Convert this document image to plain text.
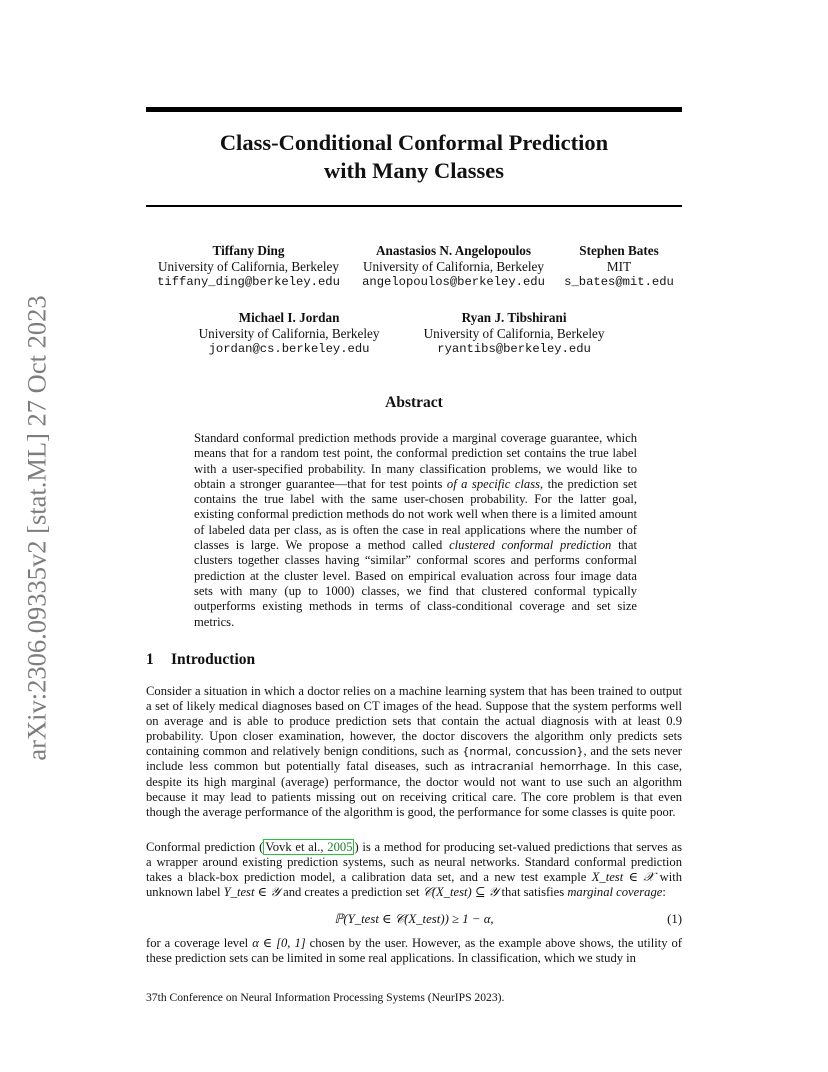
arXiv:2306.09335v2 [stat.ML] 27 Oct 2023
Class-Conditional Conformal Prediction
with Many Classes
Tiffany Ding
University of California, Berkeley
tiffany_ding@berkeley.edu
Anastasios N. Angelopoulos
University of California, Berkeley
angelopoulos@berkeley.edu
Stephen Bates
MIT
s_bates@mit.edu
Michael I. Jordan
University of California, Berkeley
jordan@cs.berkeley.edu
Ryan J. Tibshirani
University of California, Berkeley
ryantibs@berkeley.edu
Abstract
Standard conformal prediction methods provide a marginal coverage guarantee, which means that for a random test point, the conformal prediction set contains the true label with a user-specified probability. In many classification problems, we would like to obtain a stronger guarantee—that for test points of a specific class, the prediction set contains the true label with the same user-chosen probability. For the latter goal, existing conformal prediction methods do not work well when there is a limited amount of labeled data per class, as is often the case in real applications where the number of classes is large. We propose a method called clustered conformal prediction that clusters together classes having “similar” conformal scores and performs conformal prediction at the cluster level. Based on empirical evaluation across four image data sets with many (up to 1000) classes, we find that clustered conformal typically outperforms existing methods in terms of class-conditional coverage and set size metrics.
1 Introduction
Consider a situation in which a doctor relies on a machine learning system that has been trained to output a set of likely medical diagnoses based on CT images of the head. Suppose that the system performs well on average and is able to produce prediction sets that contain the actual diagnosis with at least 0.9 probability. Upon closer examination, however, the doctor discovers the algorithm only predicts sets containing common and relatively benign conditions, such as {normal, concussion}, and the sets never include less common but potentially fatal diseases, such as intracranial hemorrhage. In this case, despite its high marginal (average) performance, the doctor would not want to use such an algorithm because it may lead to patients missing out on receiving critical care. The core problem is that even though the average performance of the algorithm is good, the performance for some classes is quite poor.
Conformal prediction ( Vovk et al., 2005 ) is a method for producing set-valued predictions that serves as a wrapper around existing prediction systems, such as neural networks. Standard conformal prediction takes a black-box prediction model, a calibration data set, and a new test example X_test ∈ 𝒳 with unknown label Y_test ∈ 𝒴 and creates a prediction set 𝒞(X_test) ⊆ 𝒴 that satisfies marginal coverage:
ℙ(Y_test ∈ 𝒞(X_test)) ≥ 1 − α,	(1)
for a coverage level α ∈ [0, 1] chosen by the user. However, as the example above shows, the utility of these prediction sets can be limited in some real applications. In classification, which we study in
37th Conference on Neural Information Processing Systems (NeurIPS 2023).
